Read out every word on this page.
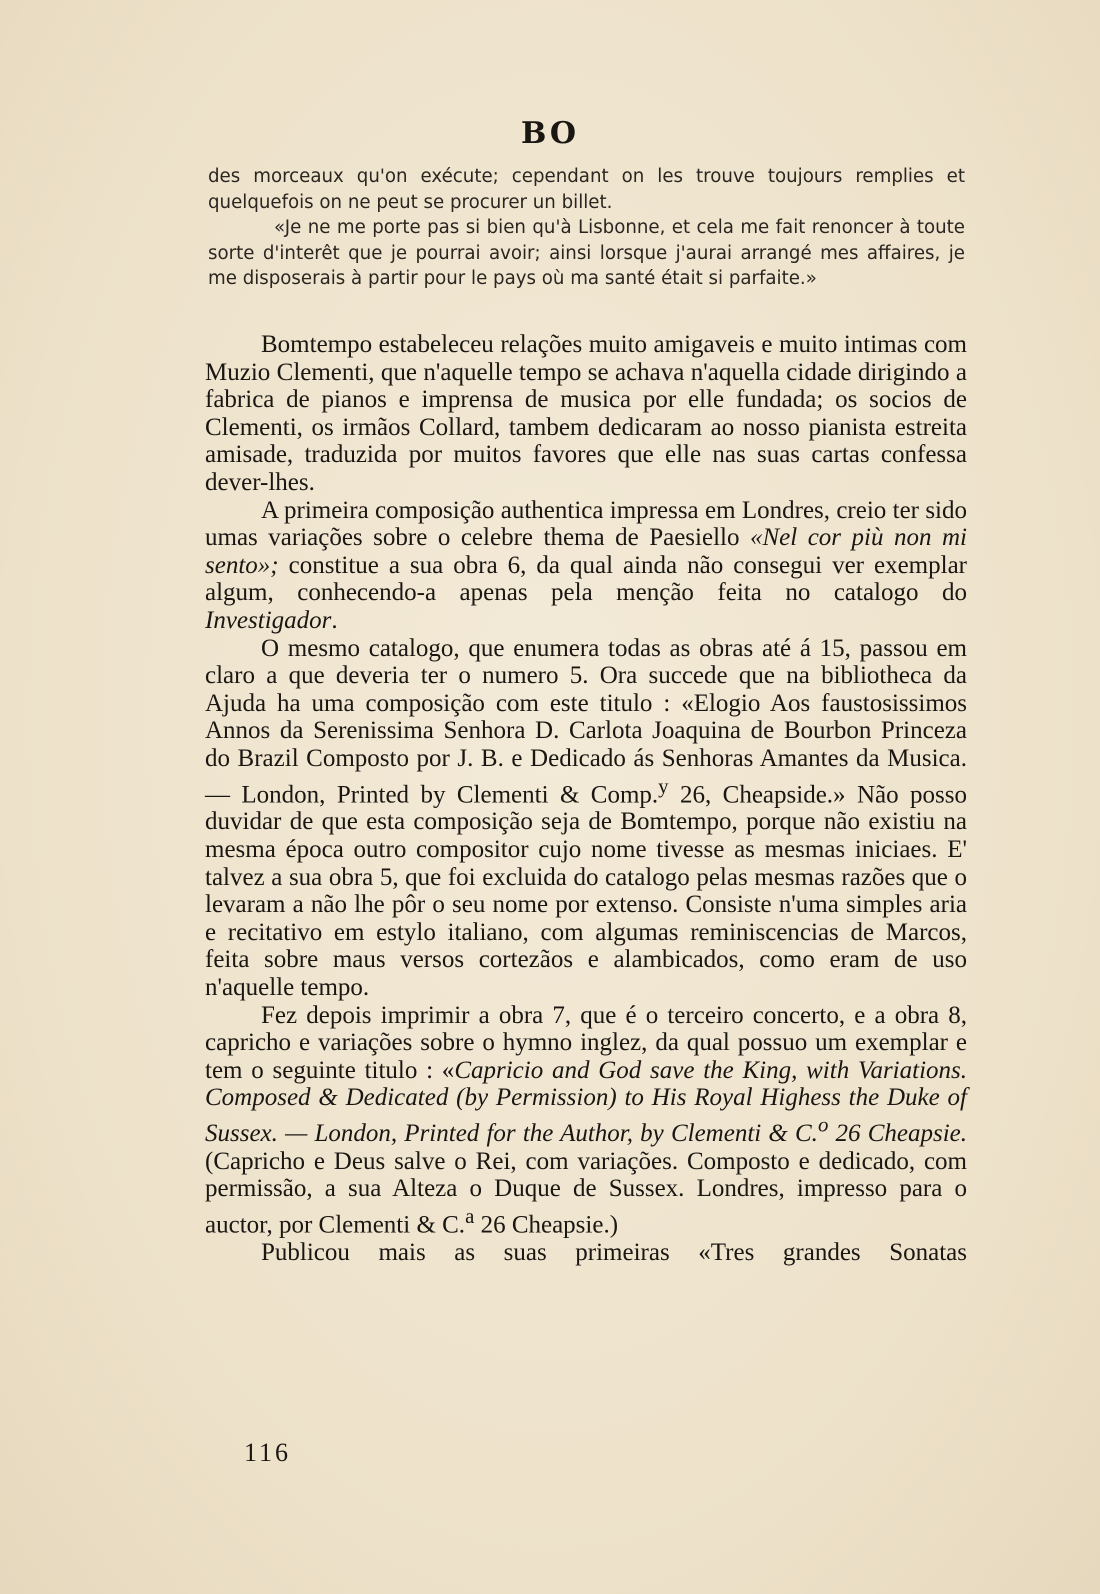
BO

des morceaux qu'on exécute; cependant on les trouve toujours remplies et quelquefois on ne peut se procurer un billet.

«Je ne me porte pas si bien qu'à Lisbonne, et cela me fait renoncer à toute sorte d'interêt que je pourrai avoir; ainsi lorsque j'aurai arrangé mes affaires, je me disposerais à partir pour le pays où ma santé était si parfaite.»

Bomtempo estabeleceu relações muito amigaveis e muito intimas com Muzio Clementi, que n'aquelle tempo se achava n'aquella cidade dirigindo a fabrica de pianos e imprensa de musica por elle fundada; os socios de Clementi, os irmãos Collard, tambem dedicaram ao nosso pianista estreita amisade, traduzida por muitos favores que elle nas suas cartas confessa dever-lhes.

A primeira composição authentica impressa em Londres, creio ter sido umas variações sobre o celebre thema de Paesiello «Nel cor più non mi sento»; constitue a sua obra 6, da qual ainda não consegui ver exemplar algum, conhecendo-a apenas pela menção feita no catalogo do Investigador.

O mesmo catalogo, que enumera todas as obras até á 15, passou em claro a que deveria ter o numero 5. Ora succede que na bibliotheca da Ajuda ha uma composição com este titulo : «Elogio Aos faustosissimos Annos da Serenissima Senhora D. Carlota Joaquina de Bourbon Princeza do Brazil Composto por J. B. e Dedicado ás Senhoras Amantes da Musica. — London, Printed by Clementi & Comp.$^y$ 26, Cheapside.» Não posso duvidar de que esta composição seja de Bomtempo, porque não existiu na mesma época outro compositor cujo nome tivesse as mesmas iniciaes. E' talvez a sua obra 5, que foi excluida do catalogo pelas mesmas razões que o levaram a não lhe pôr o seu nome por extenso. Consiste n'uma simples aria e recitativo em estylo italiano, com algumas reminiscencias de Marcos, feita sobre maus versos cortezãos e alambicados, como eram de uso n'aquelle tempo.

Fez depois imprimir a obra 7, que é o terceiro concerto, e a obra 8, capricho e variações sobre o hymno inglez, da qual possuo um exemplar e tem o seguinte titulo : «Capricio and God save the King, with Variations. Composed & Dedicated (by Permission) to His Royal Highess the Duke of Sussex. — London, Printed for the Author, by Clementi & C.$^o$ 26 Cheapsie. (Capricho e Deus salve o Rei, com variações. Composto e dedicado, com permissão, a sua Alteza o Duque de Sussex. Londres, impresso para o auctor, por Clementi & C.$^a$ 26 Cheapsie.)

Publicou mais as suas primeiras «Tres grandes Sonatas

116
